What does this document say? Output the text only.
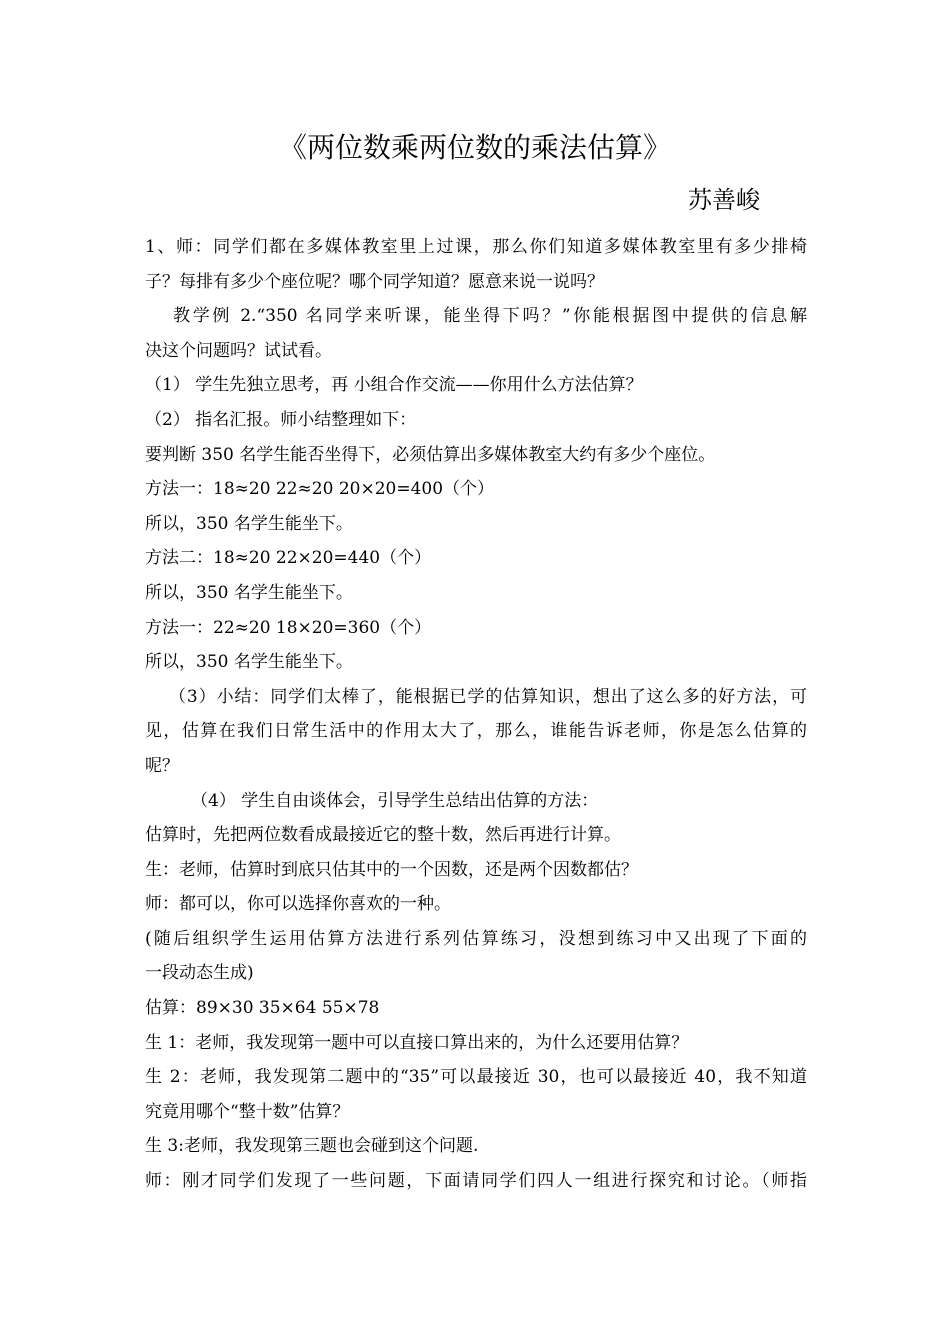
《两位数乘两位数的乘法估算》
苏善峻
1、师：同学们都在多媒体教室里上过课，那么你们知道多媒体教室里有多少排椅
子？每排有多少个座位呢？哪个同学知道？愿意来说一说吗？
教学例 2.“350 名同学来听课，能坐得下吗？”你能根据图中提供的信息解
决这个问题吗？试试看。
（1） 学生先独立思考，再 小组合作交流——你用什么方法估算？
（2） 指名汇报。师小结整理如下：
要判断 350 名学生能否坐得下，必须估算出多媒体教室大约有多少个座位。
方法一：18≈20 22≈20 20×20=400（个）
所以，350 名学生能坐下。
方法二：18≈20 22×20=440（个）
所以，350 名学生能坐下。
方法一：22≈20 18×20=360（个）
所以，350 名学生能坐下。
（3）小结：同学们太棒了，能根据已学的估算知识，想出了这么多的好方法，可
见，估算在我们日常生活中的作用太大了，那么，谁能告诉老师，你是怎么估算的
呢？
（4） 学生自由谈体会，引导学生总结出估算的方法：
估算时，先把两位数看成最接近它的整十数，然后再进行计算。
生：老师，估算时到底只估其中的一个因数，还是两个因数都估？
师：都可以，你可以选择你喜欢的一种。
(随后组织学生运用估算方法进行系列估算练习，没想到练习中又出现了下面的
一段动态生成)
估算：89×30 35×64 55×78
生 1：老师，我发现第一题中可以直接口算出来的，为什么还要用估算？
生 2：老师，我发现第二题中的“35”可以最接近 30，也可以最接近 40，我不知道
究竟用哪个“整十数”估算？
生 3:老师，我发现第三题也会碰到这个问题.
师：刚才同学们发现了一些问题，下面请同学们四人一组进行探究和讨论。（师指
